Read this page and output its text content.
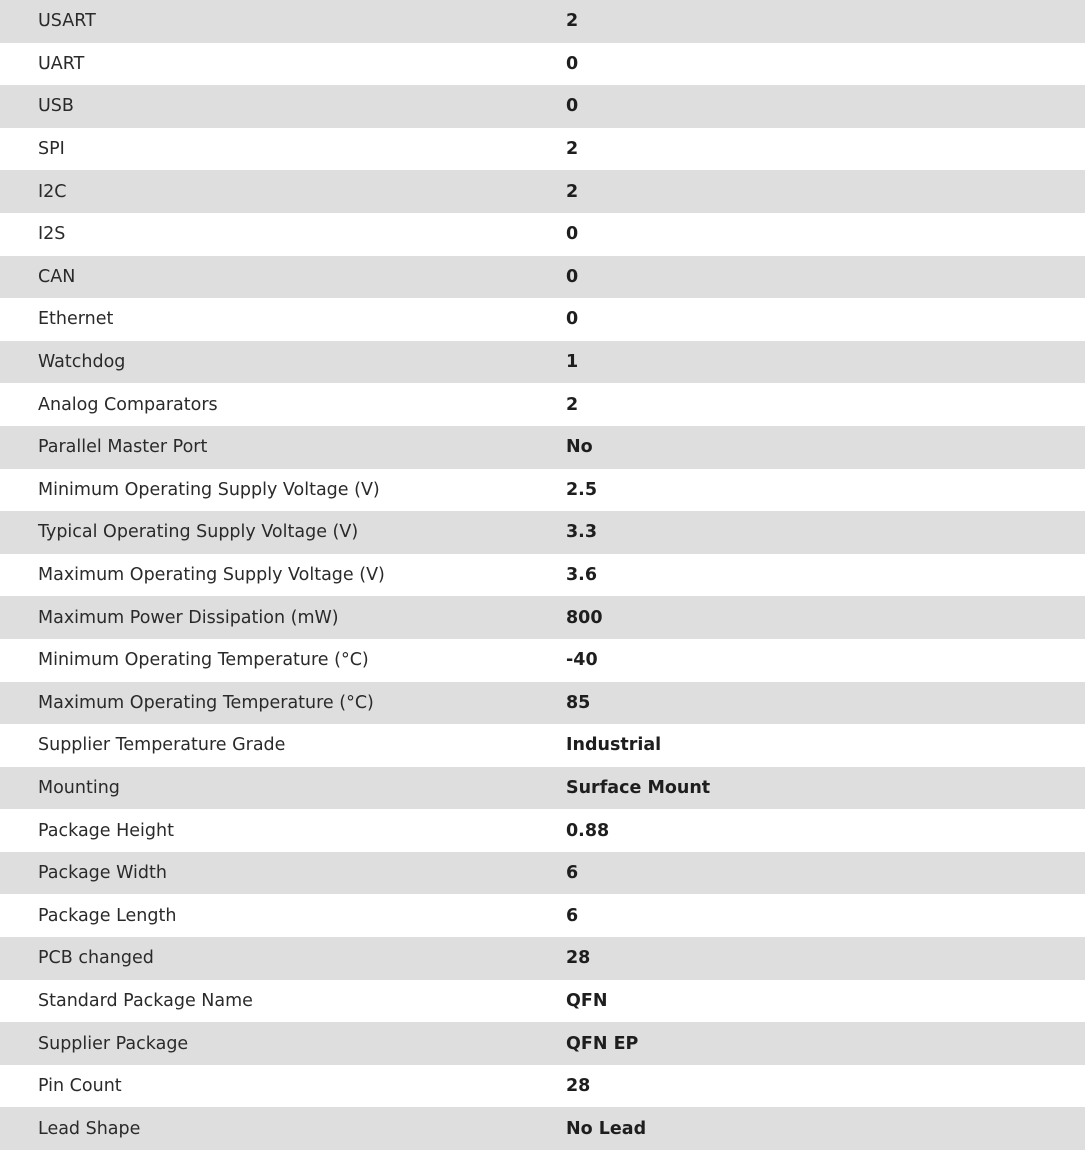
USART	2
UART	0
USB	0
SPI	2
I2C	2
I2S	0
CAN	0
Ethernet	0
Watchdog	1
Analog Comparators	2
Parallel Master Port	No
Minimum Operating Supply Voltage (V)	2.5
Typical Operating Supply Voltage (V)	3.3
Maximum Operating Supply Voltage (V)	3.6
Maximum Power Dissipation (mW)	800
Minimum Operating Temperature (°C)	-40
Maximum Operating Temperature (°C)	85
Supplier Temperature Grade	Industrial
Mounting	Surface Mount
Package Height	0.88
Package Width	6
Package Length	6
PCB changed	28
Standard Package Name	QFN
Supplier Package	QFN EP
Pin Count	28
Lead Shape	No Lead
